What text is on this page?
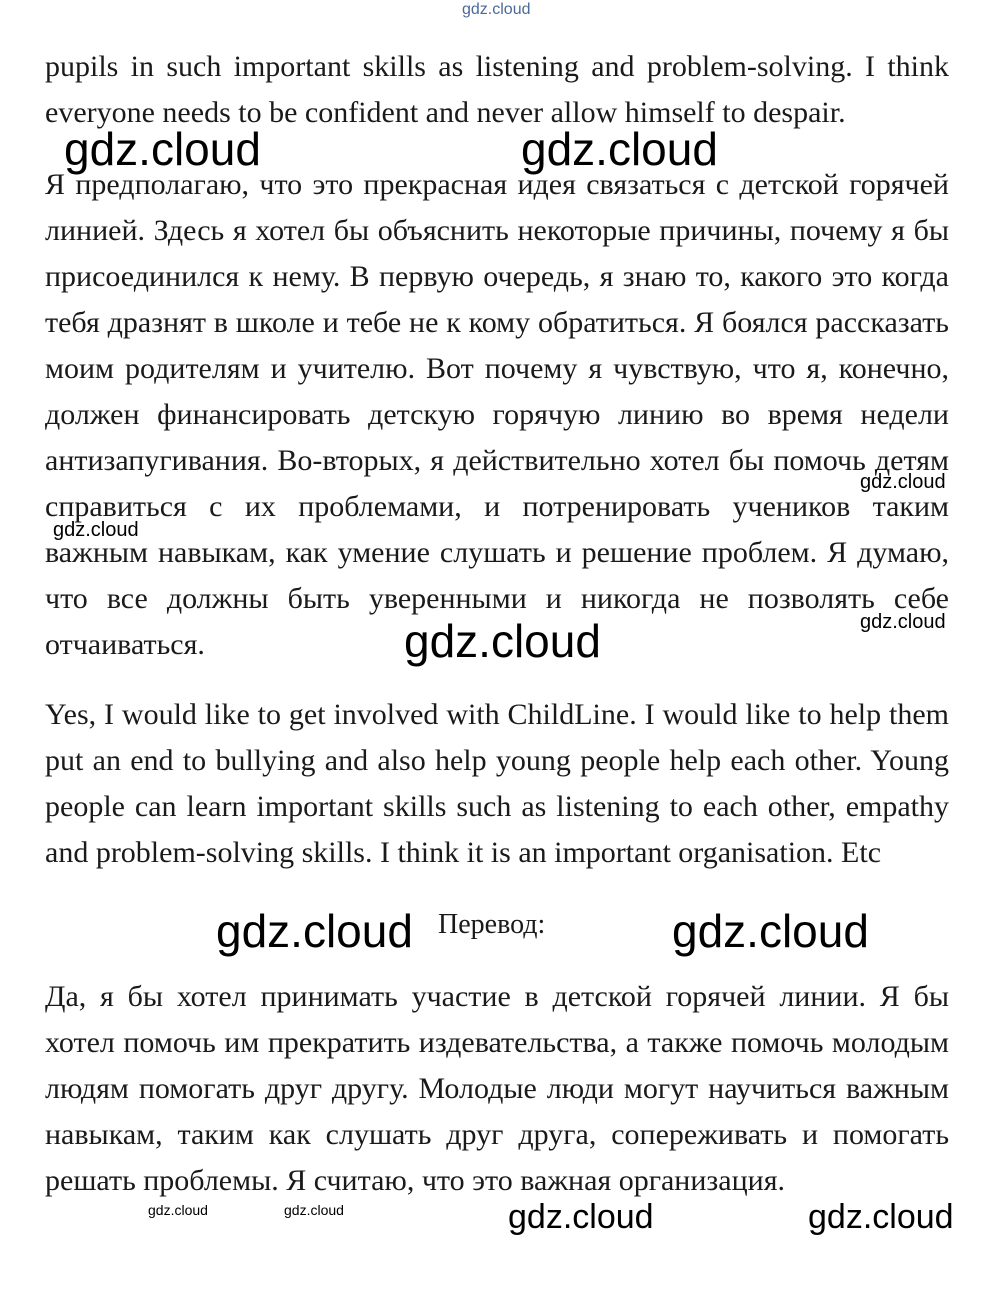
gdz.cloud

pupils in such important skills as listening and problem-solving. I think everyone needs to be confident and never allow himself to despair.

Я предполагаю, что это прекрасная идея связаться с детской горячей линией. Здесь я хотел бы объяснить некоторые причины, почему я бы присоединился к нему. В первую очередь, я знаю то, какого это когда тебя дразнят в школе и тебе не к кому обратиться. Я боялся рассказать моим родителям и учителю. Вот почему я чувствую, что я, конечно, должен финансировать детскую горячую линию во время недели антизапугивания. Во-вторых, я действительно хотел бы помочь детям справиться с их проблемами, и потренировать учеников таким важным навыкам, как умение слушать и решение проблем. Я думаю, что все должны быть уверенными и никогда не позволять себе отчаиваться.

Yes, I would like to get involved with ChildLine. I would like to help them put an end to bullying and also help young people help each other. Young people can learn important skills such as listening to each other, empathy and problem-solving skills. I think it is an important organisation. Etc

Перевод:

Да, я бы хотел принимать участие в детской горячей линии. Я бы хотел помочь им прекратить издевательства, а также помочь молодым людям помогать друг другу. Молодые люди могут научиться важным навыкам, таким как слушать друг друга, сопереживать и помогать решать проблемы. Я считаю, что это важная организация.

gdz.cloud	gdz.cloud
gdz.cloud
gdz.cloud
gdz.cloud
gdz.cloud
gdz.cloud	gdz.cloud
gdz.cloud	gdz.cloud	gdz.cloud	gdz.cloud
